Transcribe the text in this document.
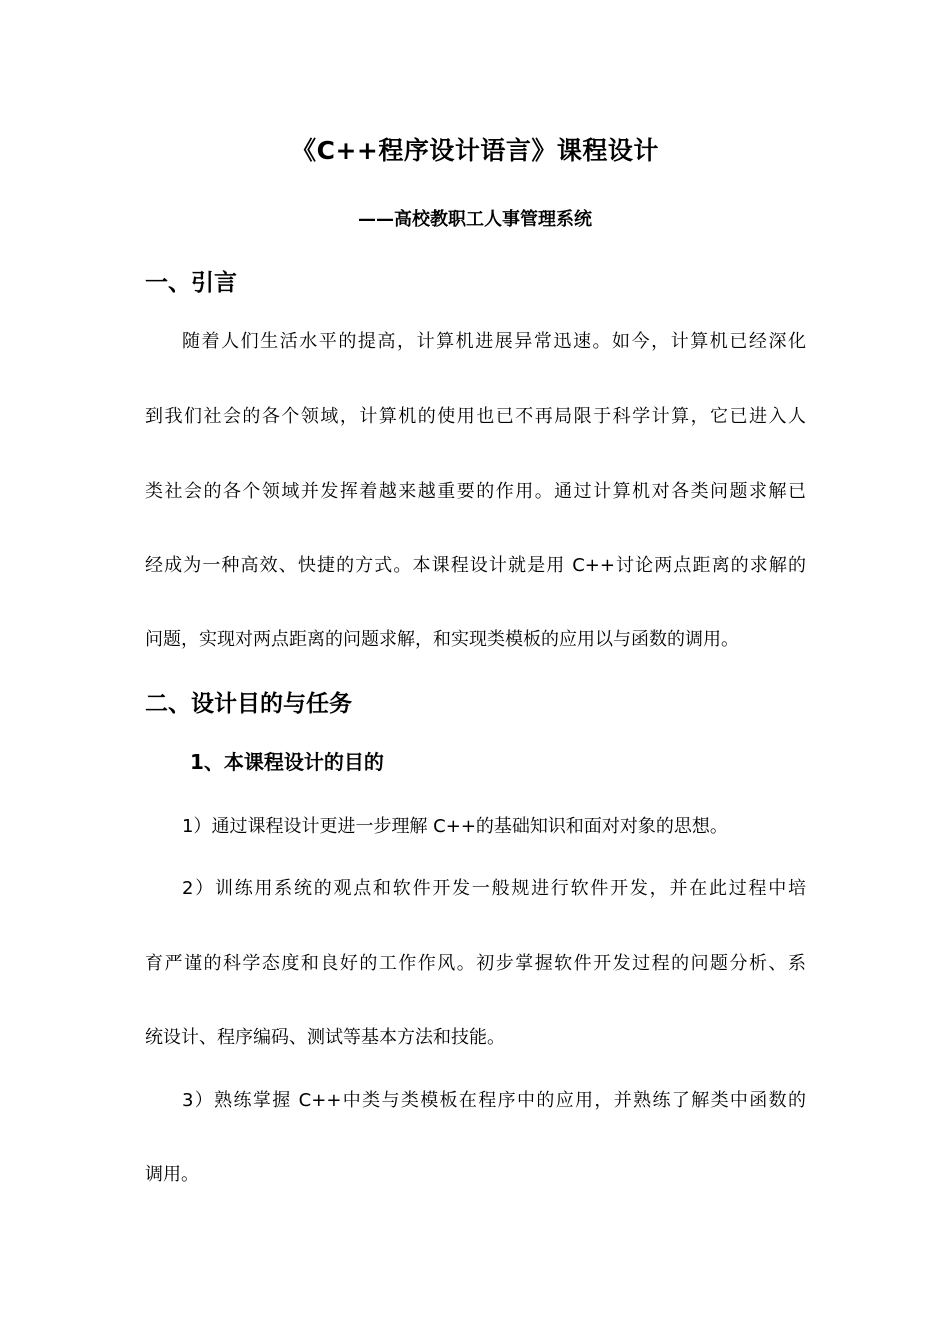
《C++程序设计语言》课程设计
——高校教职工人事管理系统
一、引言

随着人们生活水平的提高，计算机进展异常迅速。如今，计算机已经深化

到我们社会的各个领域，计算机的使用也已不再局限于科学计算，它已进入人

类社会的各个领域并发挥着越来越重要的作用。通过计算机对各类问题求解已

经成为一种高效、快捷的方式。本课程设计就是用 C++讨论两点距离的求解的

问题，实现对两点距离的问题求解，和实现类模板的应用以与函数的调用。

二、设计目的与任务
1、本课程设计的目的

1）通过课程设计更进一步理解 C++的基础知识和面对对象的思想。

2）训练用系统的观点和软件开发一般规进行软件开发，并在此过程中培

育严谨的科学态度和良好的工作作风。初步掌握软件开发过程的问题分析、系

统设计、程序编码、测试等基本方法和技能。

3）熟练掌握 C++中类与类模板在程序中的应用，并熟练了解类中函数的

调用。
